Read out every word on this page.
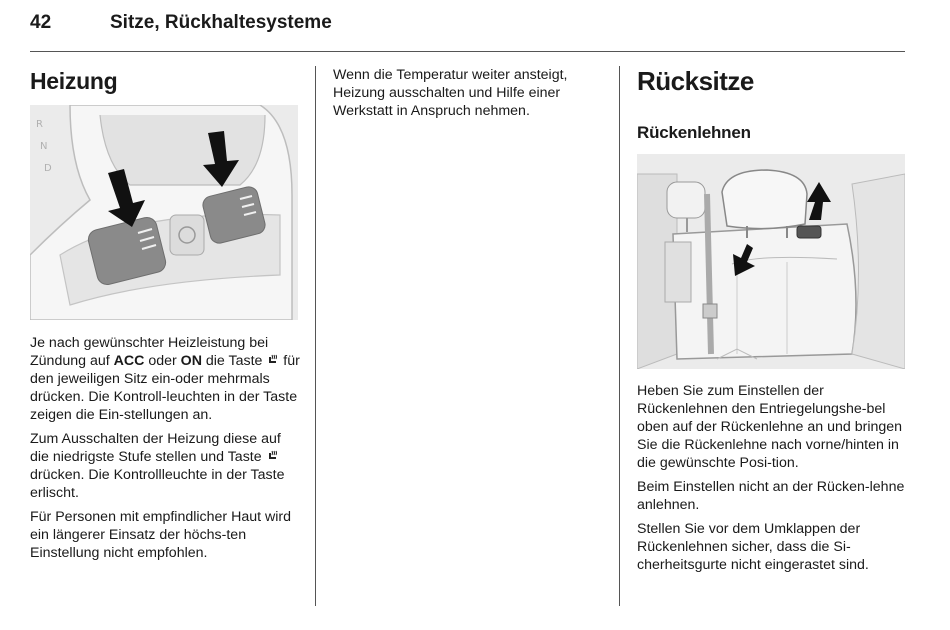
42	Sitze, Rückhaltesysteme
Heizung
R
N
D

Je nach gewünschter Heizleistung bei Zündung auf ACC oder ON die Taste  für den jeweiligen Sitz ein-oder mehrmals drücken. Die Kontroll-leuchten in der Taste zeigen die Ein-stellungen an.

Zum Ausschalten der Heizung diese auf die niedrigste Stufe stellen und Taste  drücken. Die Kontrollleuchte in der Taste erlischt.

Für Personen mit empfindlicher Haut wird ein längerer Einsatz der höchs-ten Einstellung nicht empfohlen.

Wenn die Temperatur weiter ansteigt, Heizung ausschalten und Hilfe einer Werkstatt in Anspruch nehmen.

Rücksitze
Rückenlehnen

Heben Sie zum Einstellen der Rückenlehnen den Entriegelungshe-bel oben auf der Rückenlehne an und bringen Sie die Rückenlehne nach vorne/hinten in die gewünschte Posi-tion.

Beim Einstellen nicht an der Rücken-lehne anlehnen.

Stellen Sie vor dem Umklappen der Rückenlehnen sicher, dass die Si-cherheitsgurte nicht eingerastet sind.
